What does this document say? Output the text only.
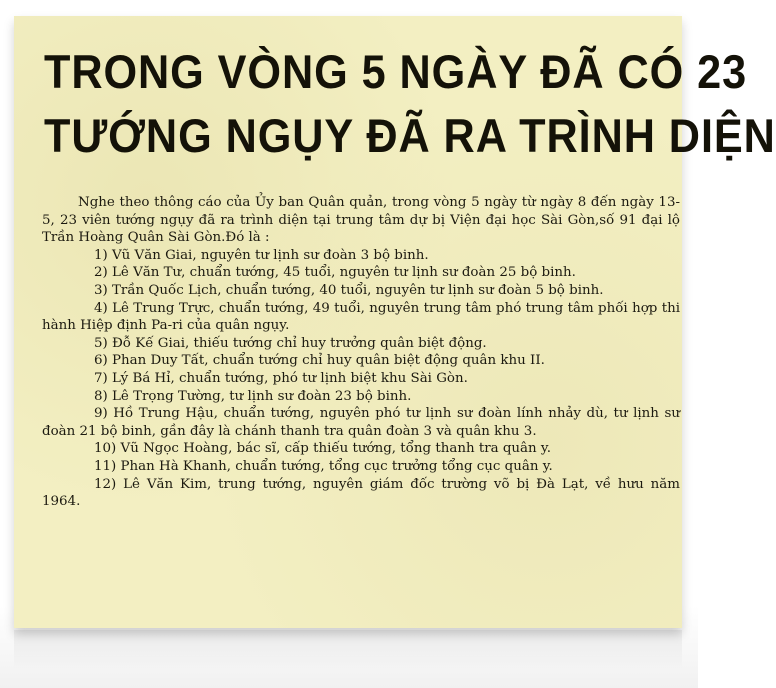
TRONG VÒNG 5 NGÀY ĐÃ CÓ 23
TƯỚNG NGỤY ĐÃ RA TRÌNH DIỆN

Nghe theo thông cáo của Ủy ban Quân quản, trong vòng 5 ngày từ ngày 8 đến ngày 13-5, 23 viên tướng ngụy đã ra trình diện tại trung tâm dự bị Viện đại học Sài Gòn,số 91 đại lộ Trần Hoàng Quân Sài Gòn.Đó là :

1) Vũ Văn Giai, nguyên tư lịnh sư đoàn 3 bộ binh.

2) Lê Văn Tư, chuẩn tướng, 45 tuổi, nguyên tư lịnh sư đoàn 25 bộ binh.

3) Trần Quốc Lịch, chuẩn tướng, 40 tuổi, nguyên tư lịnh sư đoàn 5 bộ binh.

4) Lê Trung Trực, chuẩn tướng, 49 tuổi, nguyên trung tâm phó trung tâm phối hợp thi hành Hiệp định Pa-ri của quân ngụy.

5) Đỗ Kế Giai, thiếu tướng chỉ huy trưởng quân biệt động.

6) Phan Duy Tất, chuẩn tướng chỉ huy quân biệt động quân khu II.

7) Lý Bá Hỉ, chuẩn tướng, phó tư lịnh biệt khu Sài Gòn.

8) Lê Trọng Tường, tư lịnh sư đoàn 23 bộ binh.

9) Hồ Trung Hậu, chuẩn tướng, nguyên phó tư lịnh sư đoàn lính nhảy dù, tư lịnh sư đoàn 21 bộ binh, gần đây là chánh thanh tra quân đoàn 3 và quân khu 3.

10) Vũ Ngọc Hoàng, bác sĩ, cấp thiếu tướng, tổng thanh tra quân y.

11) Phan Hà Khanh, chuẩn tướng, tổng cục trưởng tổng cục quân y.

12) Lê Văn Kim, trung tướng, nguyên giám đốc trường võ bị Đà Lạt, về hưu năm 1964.
